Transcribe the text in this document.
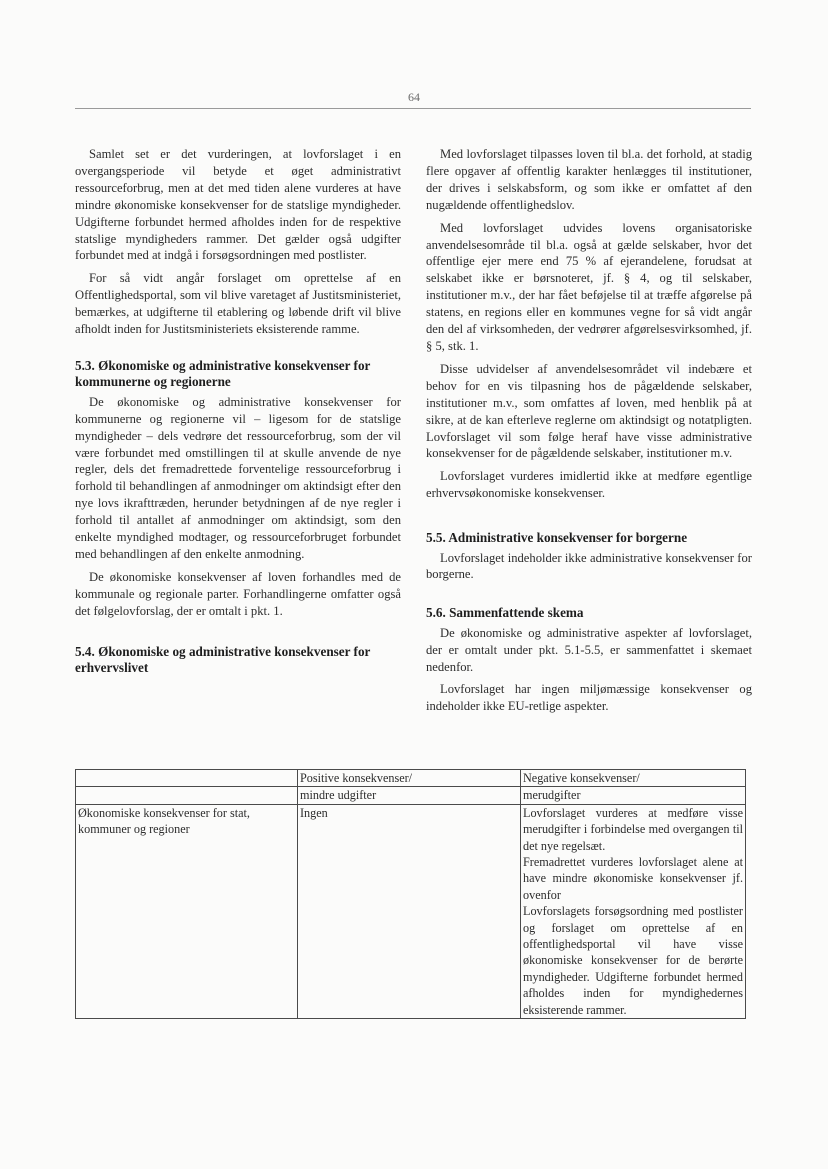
64

Samlet set er det vurderingen, at lovforslaget i en overgangsperiode vil betyde et øget administrativt ressourceforbrug, men at det med tiden alene vurderes at have mindre økonomiske konsekvenser for de statslige myndigheder. Udgifterne forbundet hermed afholdes inden for de respektive statslige myndigheders rammer. Det gælder også udgifter forbundet med at indgå i forsøgsordningen med postlister.

For så vidt angår forslaget om oprettelse af en Offentlighedsportal, som vil blive varetaget af Justitsministeriet, bemærkes, at udgifterne til etablering og løbende drift vil blive afholdt inden for Justitsministeriets eksisterende ramme.

5.3. Økonomiske og administrative konsekvenser for kommunerne og regionerne

De økonomiske og administrative konsekvenser for kommunerne og regionerne vil – ligesom for de statslige myndigheder – dels vedrøre det ressourceforbrug, som der vil være forbundet med omstillingen til at skulle anvende de nye regler, dels det fremadrettede forventelige ressourceforbrug i forhold til behandlingen af anmodninger om aktindsigt efter den nye lovs ikrafttræden, herunder betydningen af de nye regler i forhold til antallet af anmodninger om aktindsigt, som den enkelte myndighed modtager, og ressourceforbruget forbundet med behandlingen af den enkelte anmodning.

De økonomiske konsekvenser af loven forhandles med de kommunale og regionale parter. Forhandlingerne omfatter også det følgelovforslag, der er omtalt i pkt. 1.

5.4. Økonomiske og administrative konsekvenser for erhvervslivet

Med lovforslaget tilpasses loven til bl.a. det forhold, at stadig flere opgaver af offentlig karakter henlægges til institutioner, der drives i selskabsform, og som ikke er omfattet af den nugældende offentlighedslov.

Med lovforslaget udvides lovens organisatoriske anvendelsesområde til bl.a. også at gælde selskaber, hvor det offentlige ejer mere end 75 % af ejerandelene, forudsat at selskabet ikke er børsnoteret, jf. § 4, og til selskaber, institutioner m.v., der har fået beføjelse til at træffe afgørelse på statens, en regions eller en kommunes vegne for så vidt angår den del af virksomheden, der vedrører afgørelsesvirksomhed, jf. § 5, stk. 1.

Disse udvidelser af anvendelsesområdet vil indebære et behov for en vis tilpasning hos de pågældende selskaber, institutioner m.v., som omfattes af loven, med henblik på at sikre, at de kan efterleve reglerne om aktindsigt og notatpligten. Lovforslaget vil som følge heraf have visse administrative konsekvenser for de pågældende selskaber, institutioner m.v.

Lovforslaget vurderes imidlertid ikke at medføre egentlige erhvervsøkonomiske konsekvenser.

5.5. Administrative konsekvenser for borgerne

Lovforslaget indeholder ikke administrative konsekvenser for borgerne.

5.6. Sammenfattende skema

De økonomiske og administrative aspekter af lovforslaget, der er omtalt under pkt. 5.1-5.5, er sammenfattet i skemaet nedenfor.

Lovforslaget har ingen miljømæssige konsekvenser og indeholder ikke EU-retlige aspekter.

	Positive konsekvenser/
mindre udgifter	Negative konsekvenser/
merudgifter

Økonomiske konsekvenser for stat, kommuner og regioner	Ingen	Lovforslaget vurderes at medføre visse merudgifter i forbindelse med overgangen til det nye regelsæt.

Fremadrettet vurderes lovforslaget alene at have mindre økonomiske konsekvenser jf. ovenfor

Lovforslagets forsøgsordning med postlister og forslaget om oprettelse af en offentlighedsportal vil have visse økonomiske konsekvenser for de berørte myndigheder. Udgifterne forbundet hermed afholdes inden for myndighedernes eksisterende rammer.
